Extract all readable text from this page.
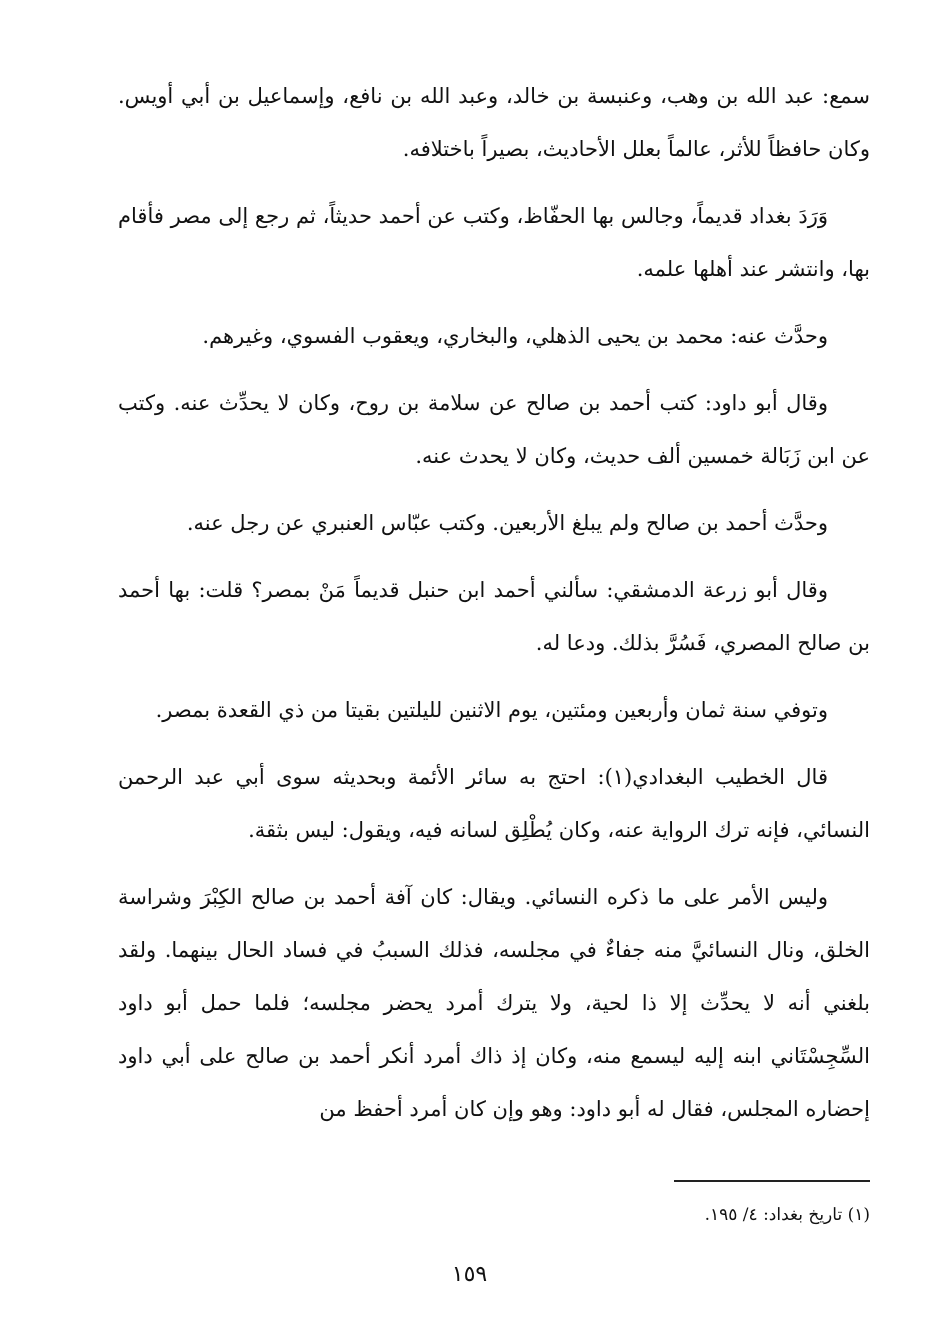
سمع: عبد الله بن وهب، وعنبسة بن خالد، وعبد الله بن نافع، وإسماعيل بن أبي أويس. وكان حافظاً للأثر، عالماً بعلل الأحاديث، بصيراً باختلافه.

وَرَدَ بغداد قديماً، وجالس بها الحفّاظ، وكتب عن أحمد حديثاً، ثم رجع إلى مصر فأقام بها، وانتشر عند أهلها علمه.

وحدَّث عنه: محمد بن يحيى الذهلي، والبخاري، ويعقوب الفسوي، وغيرهم.

وقال أبو داود: كتب أحمد بن صالح عن سلامة بن روح، وكان لا يحدِّث عنه. وكتب عن ابن زَبَالة خمسين ألف حديث، وكان لا يحدث عنه.

وحدَّث أحمد بن صالح ولم يبلغ الأربعين. وكتب عبّاس العنبري عن رجل عنه.

وقال أبو زرعة الدمشقي: سألني أحمد ابن حنبل قديماً مَنْ بمصر؟ قلت: بها أحمد بن صالح المصري، فَسُرَّ بذلك. ودعا له.

وتوفي سنة ثمان وأربعين ومئتين، يوم الاثنين لليلتين بقيتا من ذي القعدة بمصر.

قال الخطيب البغدادي(١): احتج به سائر الأئمة وبحديثه سوى أبي عبد الرحمن النسائي، فإنه ترك الرواية عنه، وكان يُطْلِق لسانه فيه، ويقول: ليس بثقة.

وليس الأمر على ما ذكره النسائي. ويقال: كان آفة أحمد بن صالح الكِبْرَ وشراسة الخلق، ونال النسائيَّ منه جفاءٌ في مجلسه، فذلك السببُ في فساد الحال بينهما. ولقد بلغني أنه لا يحدِّث إلا ذا لحية، ولا يترك أمرد يحضر مجلسه؛ فلما حمل أبو داود السِّجِسْتَاني ابنه إليه ليسمع منه، وكان إذ ذاك أمرد أنكر أحمد بن صالح على أبي داود إحضاره المجلس، فقال له أبو داود: وهو وإن كان أمرد أحفظ من

(١) تاريخ بغداد: ٤/ ١٩٥.
١٥٩
